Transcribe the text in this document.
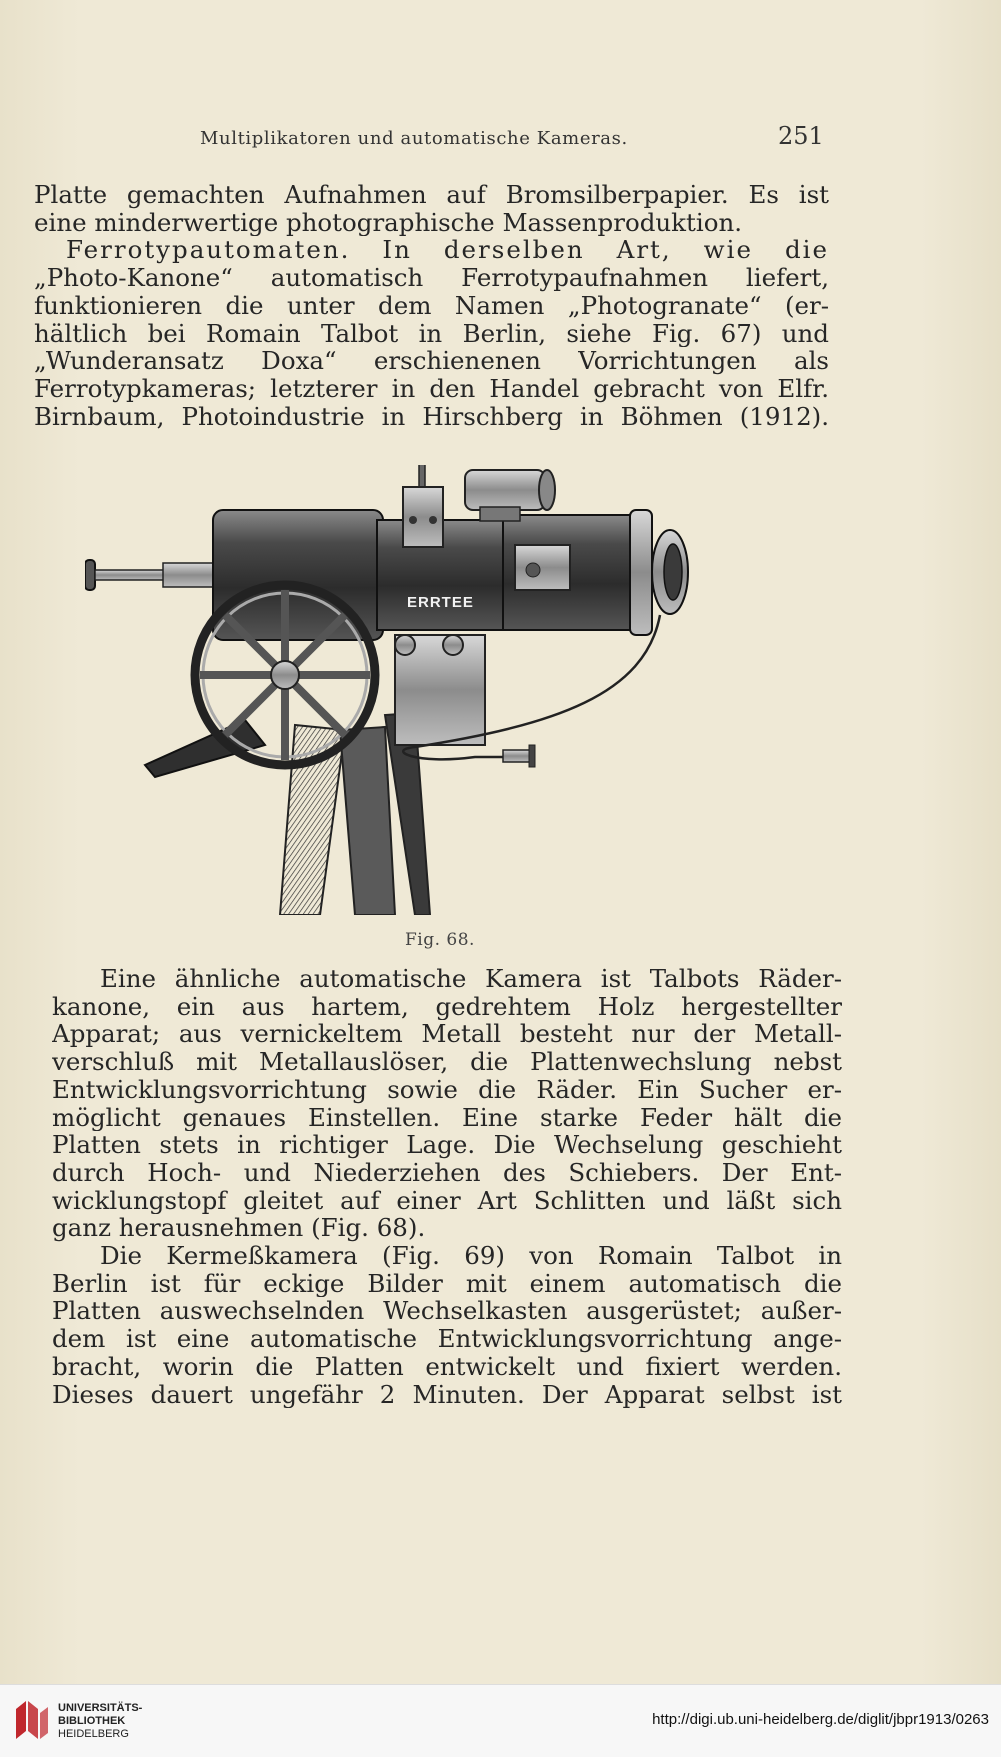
Multiplikatoren und automatische Kameras.	251
Platte gemachten Aufnahmen auf Bromsilberpapier. Es ist
eine minderwertige photographische Massenproduktion.
Ferrotypautomaten. In derselben Art, wie die
„Photo-Kanone“ automatisch Ferrotypaufnahmen liefert,
funktionieren die unter dem Namen „Photogranate“ (er-
hältlich bei Romain Talbot in Berlin, siehe Fig. 67) und
„Wunderansatz Doxa“ erschienenen Vorrichtungen als
Ferrotypkameras; letzterer in den Handel gebracht von Elfr.
Birnbaum, Photoindustrie in Hirschberg in Böhmen (1912).
ERRTEE
Fig. 68.
Eine ähnliche automatische Kamera ist Talbots Räder-
kanone, ein aus hartem, gedrehtem Holz hergestellter
Apparat; aus vernickeltem Metall besteht nur der Metall-
verschluß mit Metallauslöser, die Plattenwechslung nebst
Entwicklungsvorrichtung sowie die Räder. Ein Sucher er-
möglicht genaues Einstellen. Eine starke Feder hält die
Platten stets in richtiger Lage. Die Wechselung geschieht
durch Hoch- und Niederziehen des Schiebers. Der Ent-
wicklungstopf gleitet auf einer Art Schlitten und läßt sich
ganz herausnehmen (Fig. 68).
Die Kermeßkamera (Fig. 69) von Romain Talbot in
Berlin ist für eckige Bilder mit einem automatisch die
Platten auswechselnden Wechselkasten ausgerüstet; außer-
dem ist eine automatische Entwicklungsvorrichtung ange-
bracht, worin die Platten entwickelt und fixiert werden.
Dieses dauert ungefähr 2 Minuten. Der Apparat selbst ist
UNIVERSITÄTS-
BIBLIOTHEK
HEIDELBERG
http://digi.ub.uni-heidelberg.de/diglit/jbpr1913/0263
